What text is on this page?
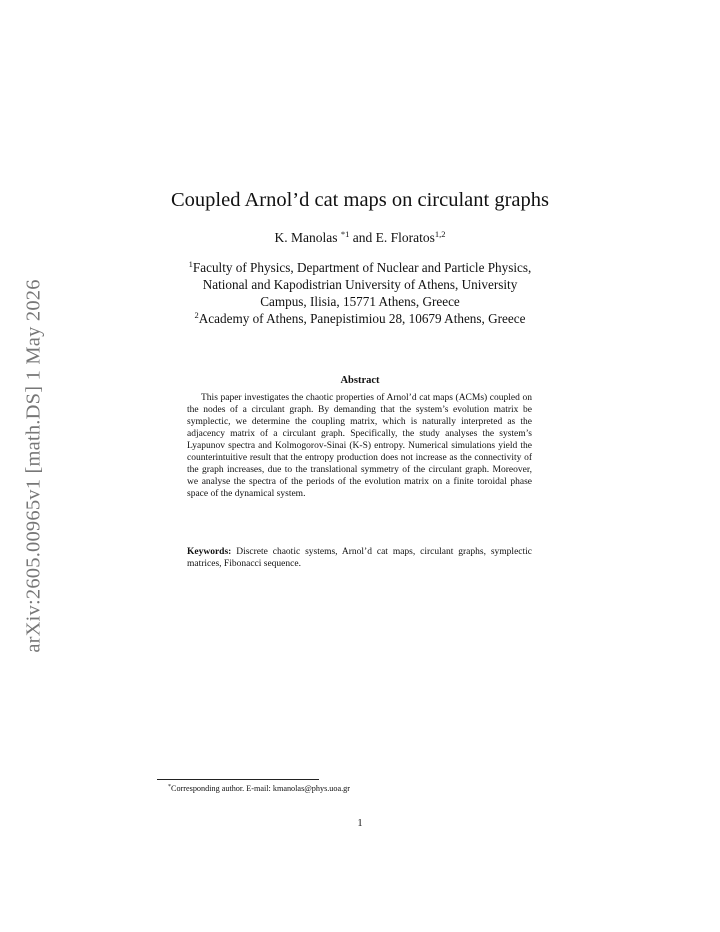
arXiv:2605.00965v1 [math.DS] 1 May 2026
Coupled Arnol’d cat maps on circulant graphs
K. Manolas $^{*1}$ and E. Floratos$^{1,2}$
$^1$Faculty of Physics, Department of Nuclear and Particle Physics,
National and Kapodistrian University of Athens, University
Campus, Ilisia, 15771 Athens, Greece
$^2$Academy of Athens, Panepistimiou 28, 10679 Athens, Greece
Abstract

This paper investigates the chaotic properties of Arnol’d cat maps (ACMs) coupled on the nodes of a circulant graph. By demanding that the system’s evolution matrix be symplectic, we determine the coupling matrix, which is naturally interpreted as the adjacency matrix of a circulant graph. Specifically, the study analyses the system’s Lyapunov spectra and Kolmogorov-Sinai (K-S) entropy. Numerical simulations yield the counterintuitive result that the entropy production does not increase as the connectivity of the graph increases, due to the translational symmetry of the circulant graph. Moreover, we analyse the spectra of the periods of the evolution matrix on a finite toroidal phase space of the dynamical system.

Keywords: Discrete chaotic systems, Arnol’d cat maps, circulant graphs, symplectic matrices, Fibonacci sequence.

*Corresponding author. E-mail: kmanolas@phys.uoa.gr
1
